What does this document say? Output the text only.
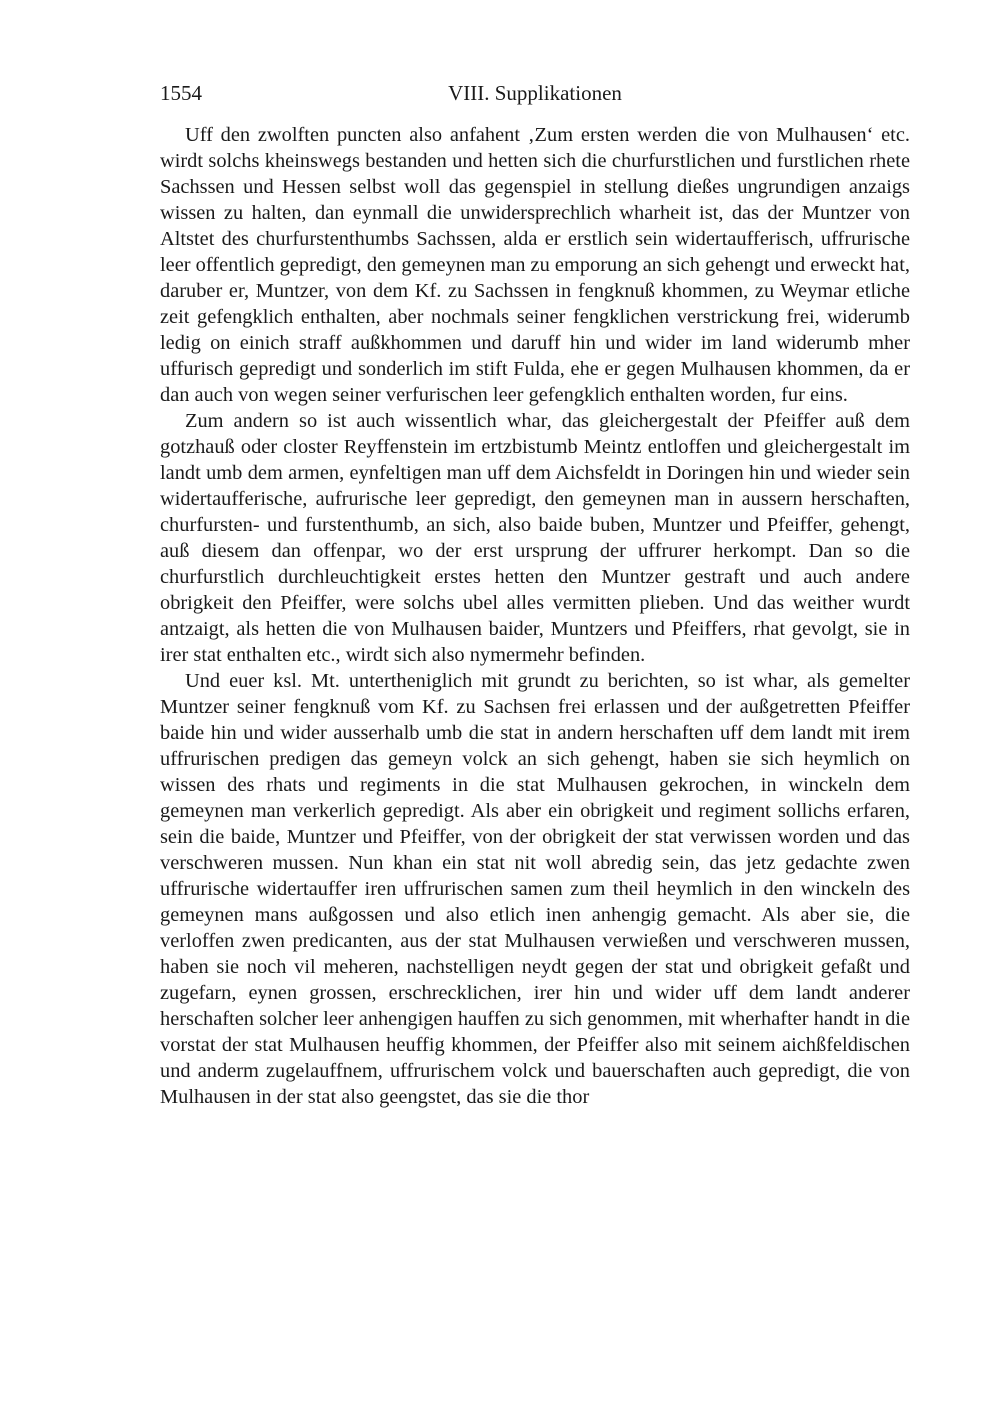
1554	VIII. Supplikationen

Uff den zwolften puncten also anfahent ‚Zum ersten werden die von Mulhausen‘ etc. wirdt solchs kheinswegs bestanden und hetten sich die churfurstlichen und furstlichen rhete Sachssen und Hessen selbst woll das gegenspiel in stellung dießes ungrundigen anzaigs wissen zu halten, dan eynmall die unwidersprechlich wharheit ist, das der Muntzer von Altstet des churfurstenthumbs Sachssen, alda er erstlich sein widertaufferisch, uffrurische leer offentlich gepredigt, den gemeynen man zu emporung an sich gehengt und erweckt hat, daruber er, Muntzer, von dem Kf. zu Sachssen in fengknuß khommen, zu Weymar etliche zeit gefengklich enthalten, aber nochmals seiner fengklichen verstrickung frei, widerumb ledig on einich straff außkhommen und daruff hin und wider im land widerumb mher uffurisch gepredigt und sonderlich im stift Fulda, ehe er gegen Mulhausen khommen, da er dan auch von wegen seiner verfurischen leer gefengklich enthalten worden, fur eins.

Zum andern so ist auch wissentlich whar, das gleichergestalt der Pfeiffer auß dem gotzhauß oder closter Reyffenstein im ertzbistumb Meintz entloffen und gleichergestalt im landt umb dem armen, eynfeltigen man uff dem Aichsfeldt in Doringen hin und wieder sein widertaufferische, aufrurische leer gepredigt, den gemeynen man in aussern herschaften, churfursten- und furstenthumb, an sich, also baide buben, Muntzer und Pfeiffer, gehengt, auß diesem dan offenpar, wo der erst ursprung der uffrurer herkompt. Dan so die churfurstlich durchleuchtigkeit erstes hetten den Muntzer gestraft und auch andere obrigkeit den Pfeiffer, were solchs ubel alles vermitten plieben. Und das weither wurdt antzaigt, als hetten die von Mulhausen baider, Muntzers und Pfeiffers, rhat gevolgt, sie in irer stat enthalten etc., wirdt sich also nymermehr befinden.

Und euer ksl. Mt. untertheniglich mit grundt zu berichten, so ist whar, als gemelter Muntzer seiner fengknuß vom Kf. zu Sachsen frei erlassen und der außgetretten Pfeiffer baide hin und wider ausserhalb umb die stat in andern herschaften uff dem landt mit irem uffrurischen predigen das gemeyn volck an sich gehengt, haben sie sich heymlich on wissen des rhats und regiments in die stat Mulhausen gekrochen, in winckeln dem gemeynen man verkerlich gepredigt. Als aber ein obrigkeit und regiment sollichs erfaren, sein die baide, Muntzer und Pfeiffer, von der obrigkeit der stat verwissen worden und das verschweren mussen. Nun khan ein stat nit woll abredig sein, das jetz gedachte zwen uffrurische widertauffer iren uffrurischen samen zum theil heymlich in den winckeln des gemeynen mans außgossen und also etlich inen anhengig gemacht. Als aber sie, die verloffen zwen predicanten, aus der stat Mulhausen verwießen und verschweren mussen, haben sie noch vil meheren, nachstelligen neydt gegen der stat und obrigkeit gefaßt und zugefarn, eynen grossen, erschrecklichen, irer hin und wider uff dem landt anderer herschaften solcher leer anhengigen hauffen zu sich genommen, mit wherhafter handt in die vorstat der stat Mulhausen heuffig khommen, der Pfeiffer also mit seinem aichßfeldischen und anderm zugelauffnem, uffrurischem volck und bauerschaften auch gepredigt, die von Mulhausen in der stat also geengstet, das sie die thor
